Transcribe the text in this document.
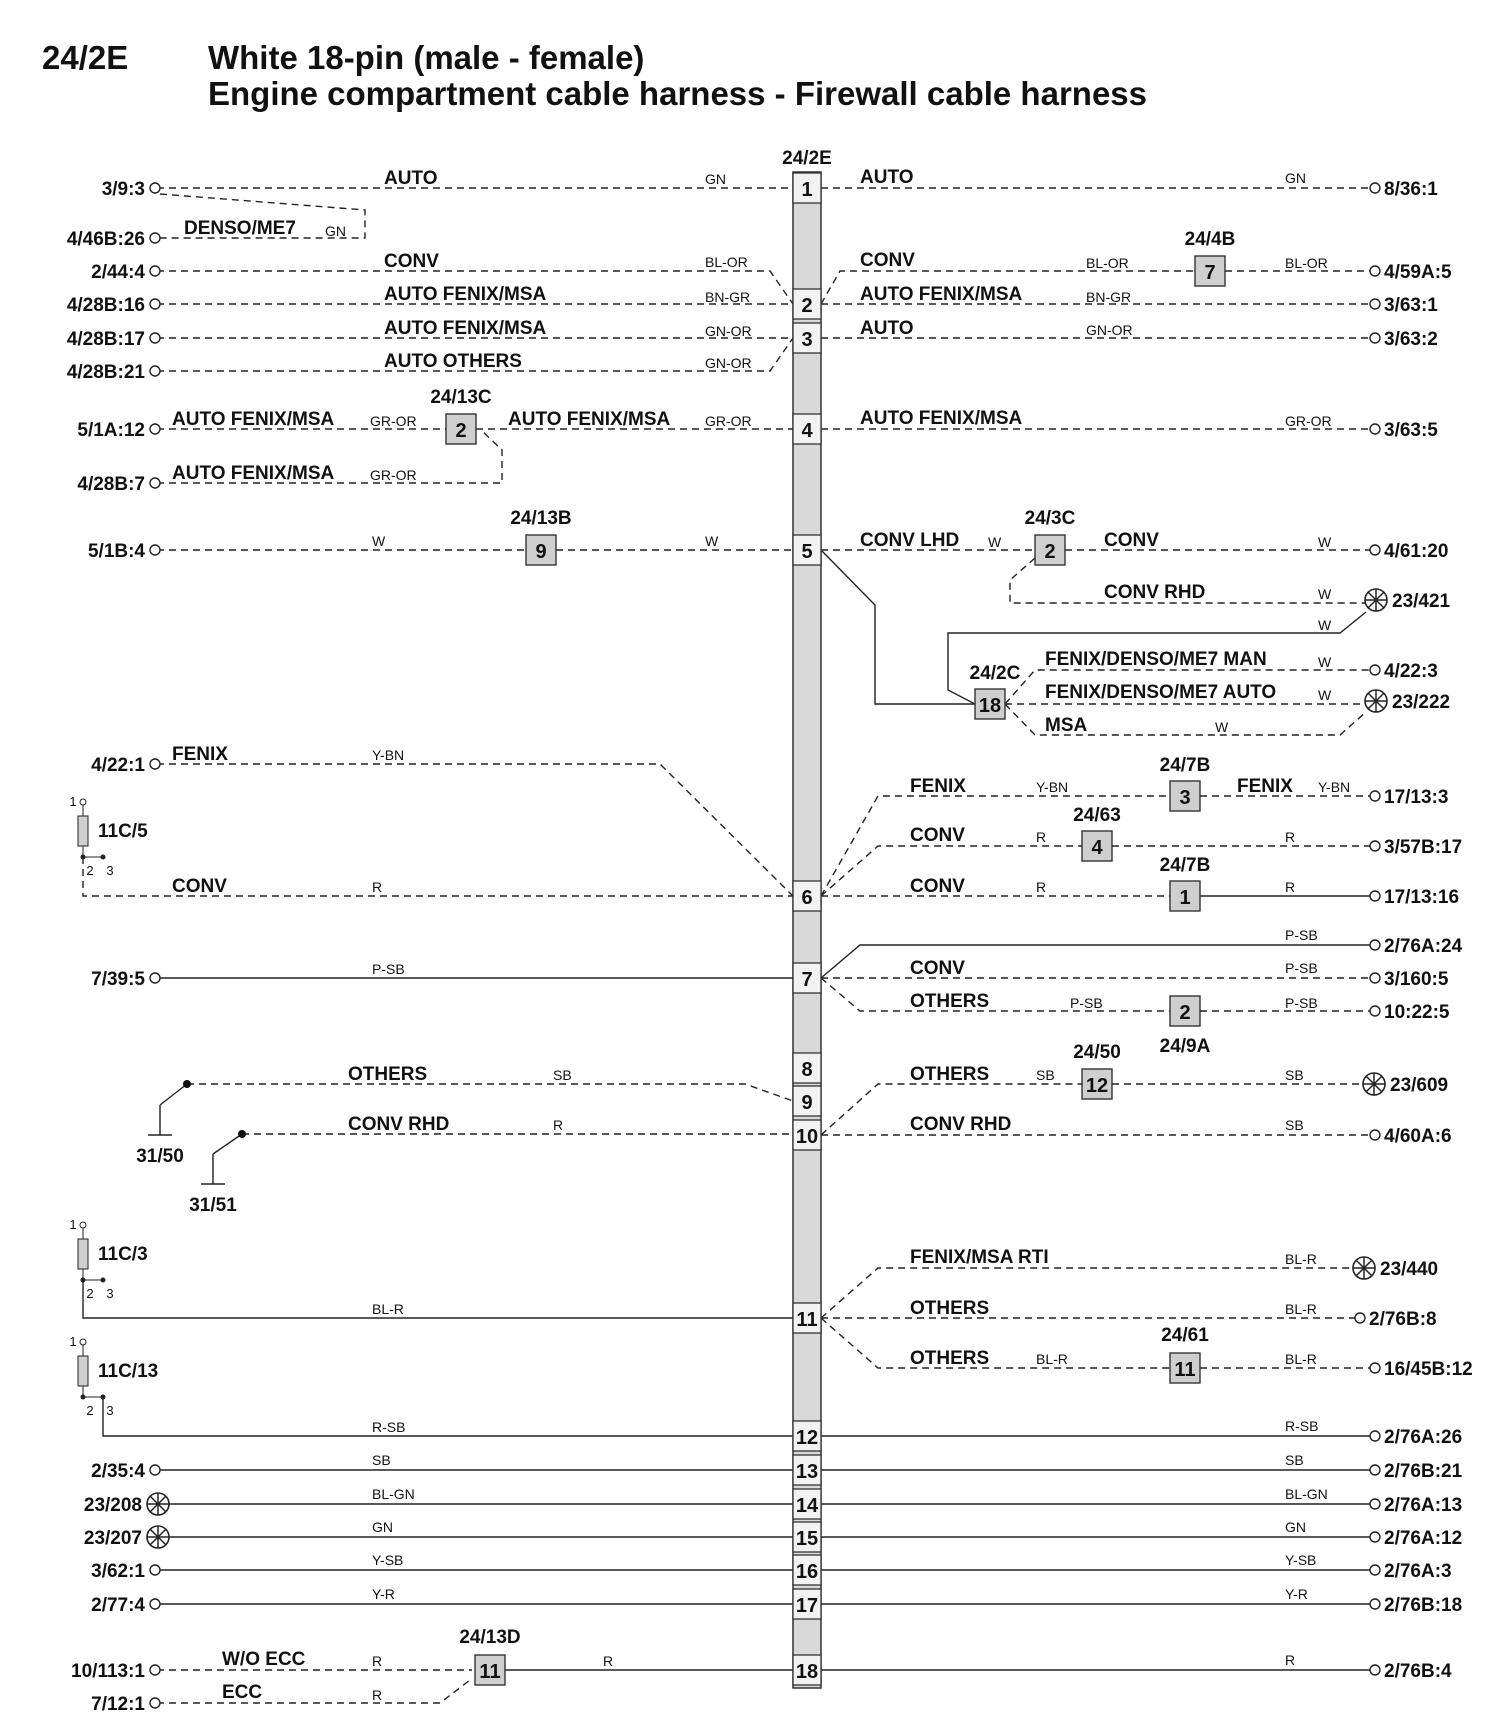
24/2E White 18-pin (male - female)
Engine compartment cable harness - Firewall cable harness
24/2E
1
2
3
4
5
6
7
8
9
10
11
12
13
14
15
16
17
18
3/9:3
AUTO	GN
4/46B:26
DENSO/ME7 GN
2/44:4
CONV	BL-OR
4/28B:16
AUTO FENIX/MSA	BN-GR
4/28B:17
AUTO FENIX/MSA	GN-OR
4/28B:21
AUTO OTHERS	GN-OR
5/1A:12
AUTO FENIX/MSA	GR-OR
4/28B:7
AUTO FENIX/MSA	GR-OR
2
24/13C
AUTO FENIX/MSA GR-OR
5/1B:4	W	9
24/13B
W
4/22:1
FENIX	Y-BN
1
2 3
11C/5
CONV	R
7/39:5	P-SB
31/50
OTHERS	SB
31/51
CONV RHD	R
1
2 3
11C/3
BL-R
1
2 3
11C/13
R-SB
2/35:4
SB
23/208
BL-GN
23/207
GN
3/62:1
Y-SB
2/77:4
Y-R
10/113:1
W/O ECC	R
7/12:1
ECC	R
11
24/13D
R
8/36:1
AUTO	GN
7
24/4B
4/59A:5
CONV	BL-OR	BL-OR
3/63:1
AUTO FENIX/MSA	BN-GR
3/63:2
AUTO	GN-OR
3/63:5
AUTO FENIX/MSA	GR-OR
2
24/3C
CONV LHD W	CONV	W	4/61:20
CONV RHD	W	23/421
W
18
24/2C
FENIX/DENSO/ME7 MAN	W	4/22:3
FENIX/DENSO/ME7 AUTO	W	23/222
MSA	W
3
24/7B
FENIX	Y-BN	FENIX Y-BN 17/13:3
4
24/63
CONV	R	R	3/57B:17
1
24/7B
CONV	R	R	17/13:16
P-SB
2/76A:24
CONV	P-SB
3/160:5
2
24/9A
OTHERS	P-SB	P-SB	10:22:5
12
24/50
OTHERS	SB	SB	23/609
CONV RHD	SB
4/60A:6
FENIX/MSA RTI	BL-R	23/440
OTHERS	BL-R	2/76B:8
11
24/61
OTHERS	BL-R	BL-R	16/45B:12
2/76A:26
R-SB
2/76B:21
SB
2/76A:13
BL-GN
2/76A:12
GN
2/76A:3
Y-SB
2/76B:18
Y-R
2/76B:4
R
